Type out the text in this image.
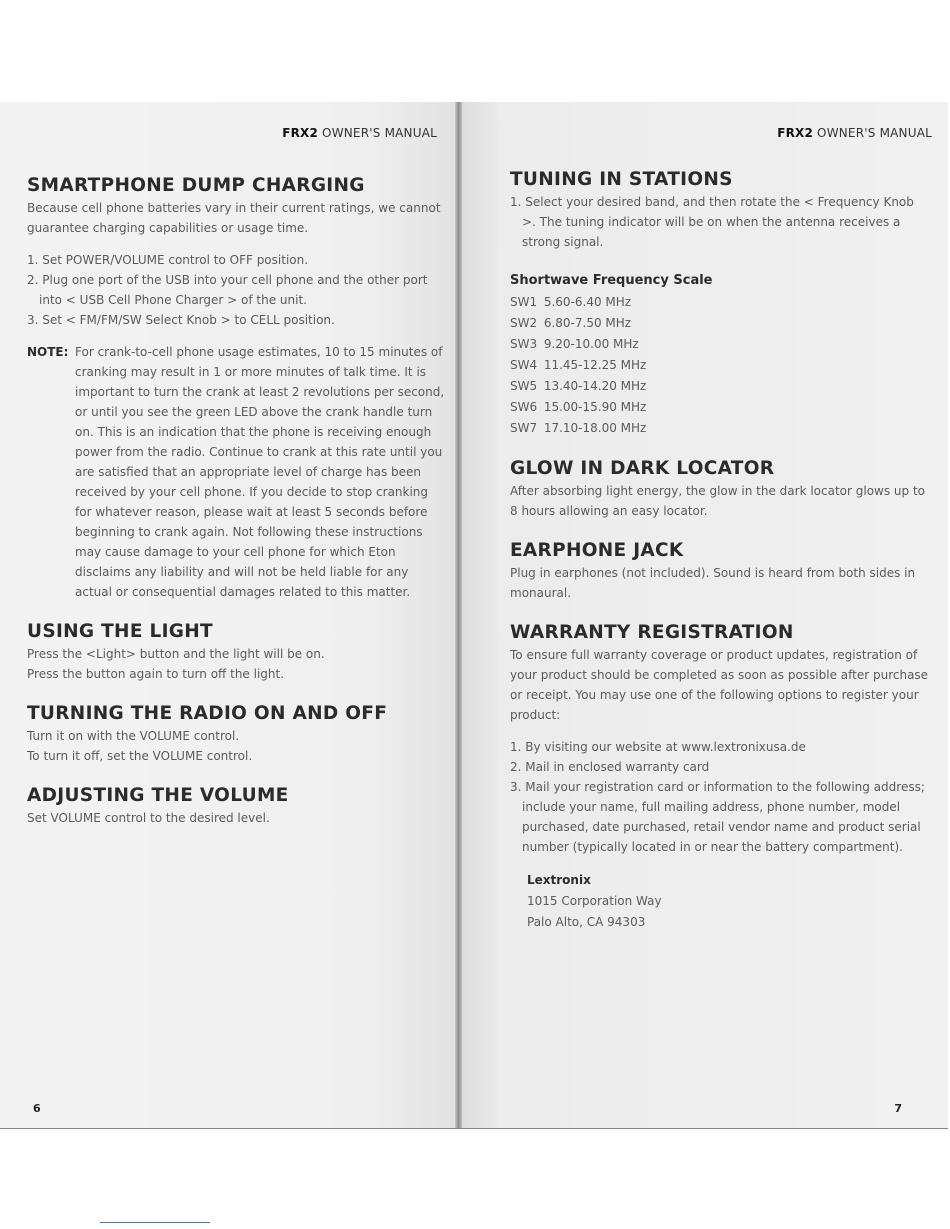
FRX2 OWNER'S MANUAL
SMARTPHONE DUMP CHARGING

Because cell phone batteries vary in their current ratings, we cannot guarantee charging capabilities or usage time.

1. Set POWER/VOLUME control to OFF position.
2. Plug one port of the USB into your cell phone and the other port into < USB Cell Phone Charger > of the unit.
3. Set < FM/FM/SW Select Knob > to CELL position.
NOTE: For crank-to-cell phone usage estimates, 10 to 15 minutes of cranking may result in 1 or more minutes of talk time. It is important to turn the crank at least 2 revolutions per second, or until you see the green LED above the crank handle turn on. This is an indication that the phone is receiving enough power from the radio. Continue to crank at this rate until you are satisfied that an appropriate level of charge has been received by your cell phone. If you decide to stop cranking for whatever reason, please wait at least 5 seconds before beginning to crank again. Not following these instructions may cause damage to your cell phone for which Eton disclaims any liability and will not be held liable for any actual or consequential damages related to this matter.

USING THE LIGHT

Press the <Light> button and the light will be on.

Press the button again to turn off the light.

TURNING THE RADIO ON AND OFF

Turn it on with the VOLUME control.

To turn it off, set the VOLUME control.

ADJUSTING THE VOLUME

Set VOLUME control to the desired level.

6
FRX2 OWNER'S MANUAL
TUNING IN STATIONS
1. Select your desired band, and then rotate the < Frequency Knob >. The tuning indicator will be on when the antenna receives a strong signal.
Shortwave Frequency Scale
SW1 5.60-6.40 MHz
SW2 6.80-7.50 MHz
SW3 9.20-10.00 MHz
SW4 11.45-12.25 MHz
SW5 13.40-14.20 MHz
SW6 15.00-15.90 MHz
SW7 17.10-18.00 MHz
GLOW IN DARK LOCATOR

After absorbing light energy, the glow in the dark locator glows up to 8 hours allowing an easy locator.

EARPHONE JACK

Plug in earphones (not included). Sound is heard from both sides in monaural.

WARRANTY REGISTRATION

To ensure full warranty coverage or product updates, registration of your product should be completed as soon as possible after purchase or receipt. You may use one of the following options to register your product:

1. By visiting our website at www.lextronixusa.de
2. Mail in enclosed warranty card
3. Mail your registration card or information to the following address; include your name, full mailing address, phone number, model purchased, date purchased, retail vendor name and product serial number (typically located in or near the battery compartment).
Lextronix

1015 Corporation Way

Palo Alto, CA 94303

7
